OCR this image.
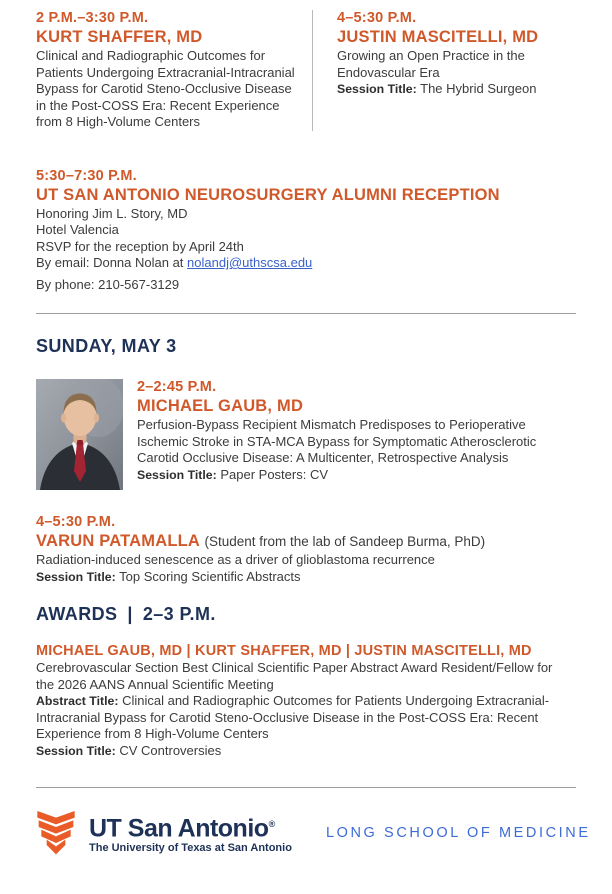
2 P.M.–3:30 P.M.
KURT SHAFFER, MD
Clinical and Radiographic Outcomes for Patients Undergoing Extracranial-Intracranial Bypass for Carotid Steno-Occlusive Disease in the Post-COSS Era: Recent Experience from 8 High-Volume Centers
4–5:30 P.M.
JUSTIN MASCITELLI, MD
Growing an Open Practice in the Endovascular Era
Session Title: The Hybrid Surgeon
5:30–7:30 P.M.
UT SAN ANTONIO NEUROSURGERY ALUMNI RECEPTION
Honoring Jim L. Story, MD
Hotel Valencia
RSVP for the reception by April 24th
By email: Donna Nolan at nolandj@uthscsa.edu
By phone: 210-567-3129
SUNDAY, MAY 3
2–2:45 P.M.
MICHAEL GAUB, MD
Perfusion-Bypass Recipient Mismatch Predisposes to Perioperative Ischemic Stroke in STA-MCA Bypass for Symptomatic Atherosclerotic Carotid Occlusive Disease: A Multicenter, Retrospective Analysis
Session Title: Paper Posters: CV
4–5:30 P.M.
VARUN PATAMALLA (Student from the lab of Sandeep Burma, PhD)
Radiation-induced senescence as a driver of glioblastoma recurrence
Session Title: Top Scoring Scientific Abstracts
AWARDS | 2–3 P.M.
MICHAEL GAUB, MD | KURT SHAFFER, MD | JUSTIN MASCITELLI, MD
Cerebrovascular Section Best Clinical Scientific Paper Abstract Award Resident/Fellow for the 2026 AANS Annual Scientific Meeting
Abstract Title: Clinical and Radiographic Outcomes for Patients Undergoing Extracranial-Intracranial Bypass for Carotid Steno-Occlusive Disease in the Post-COSS Era: Recent Experience from 8 High-Volume Centers
Session Title: CV Controversies
UT San Antonio®
The University of Texas at San Antonio
LONG SCHOOL OF MEDICINE
